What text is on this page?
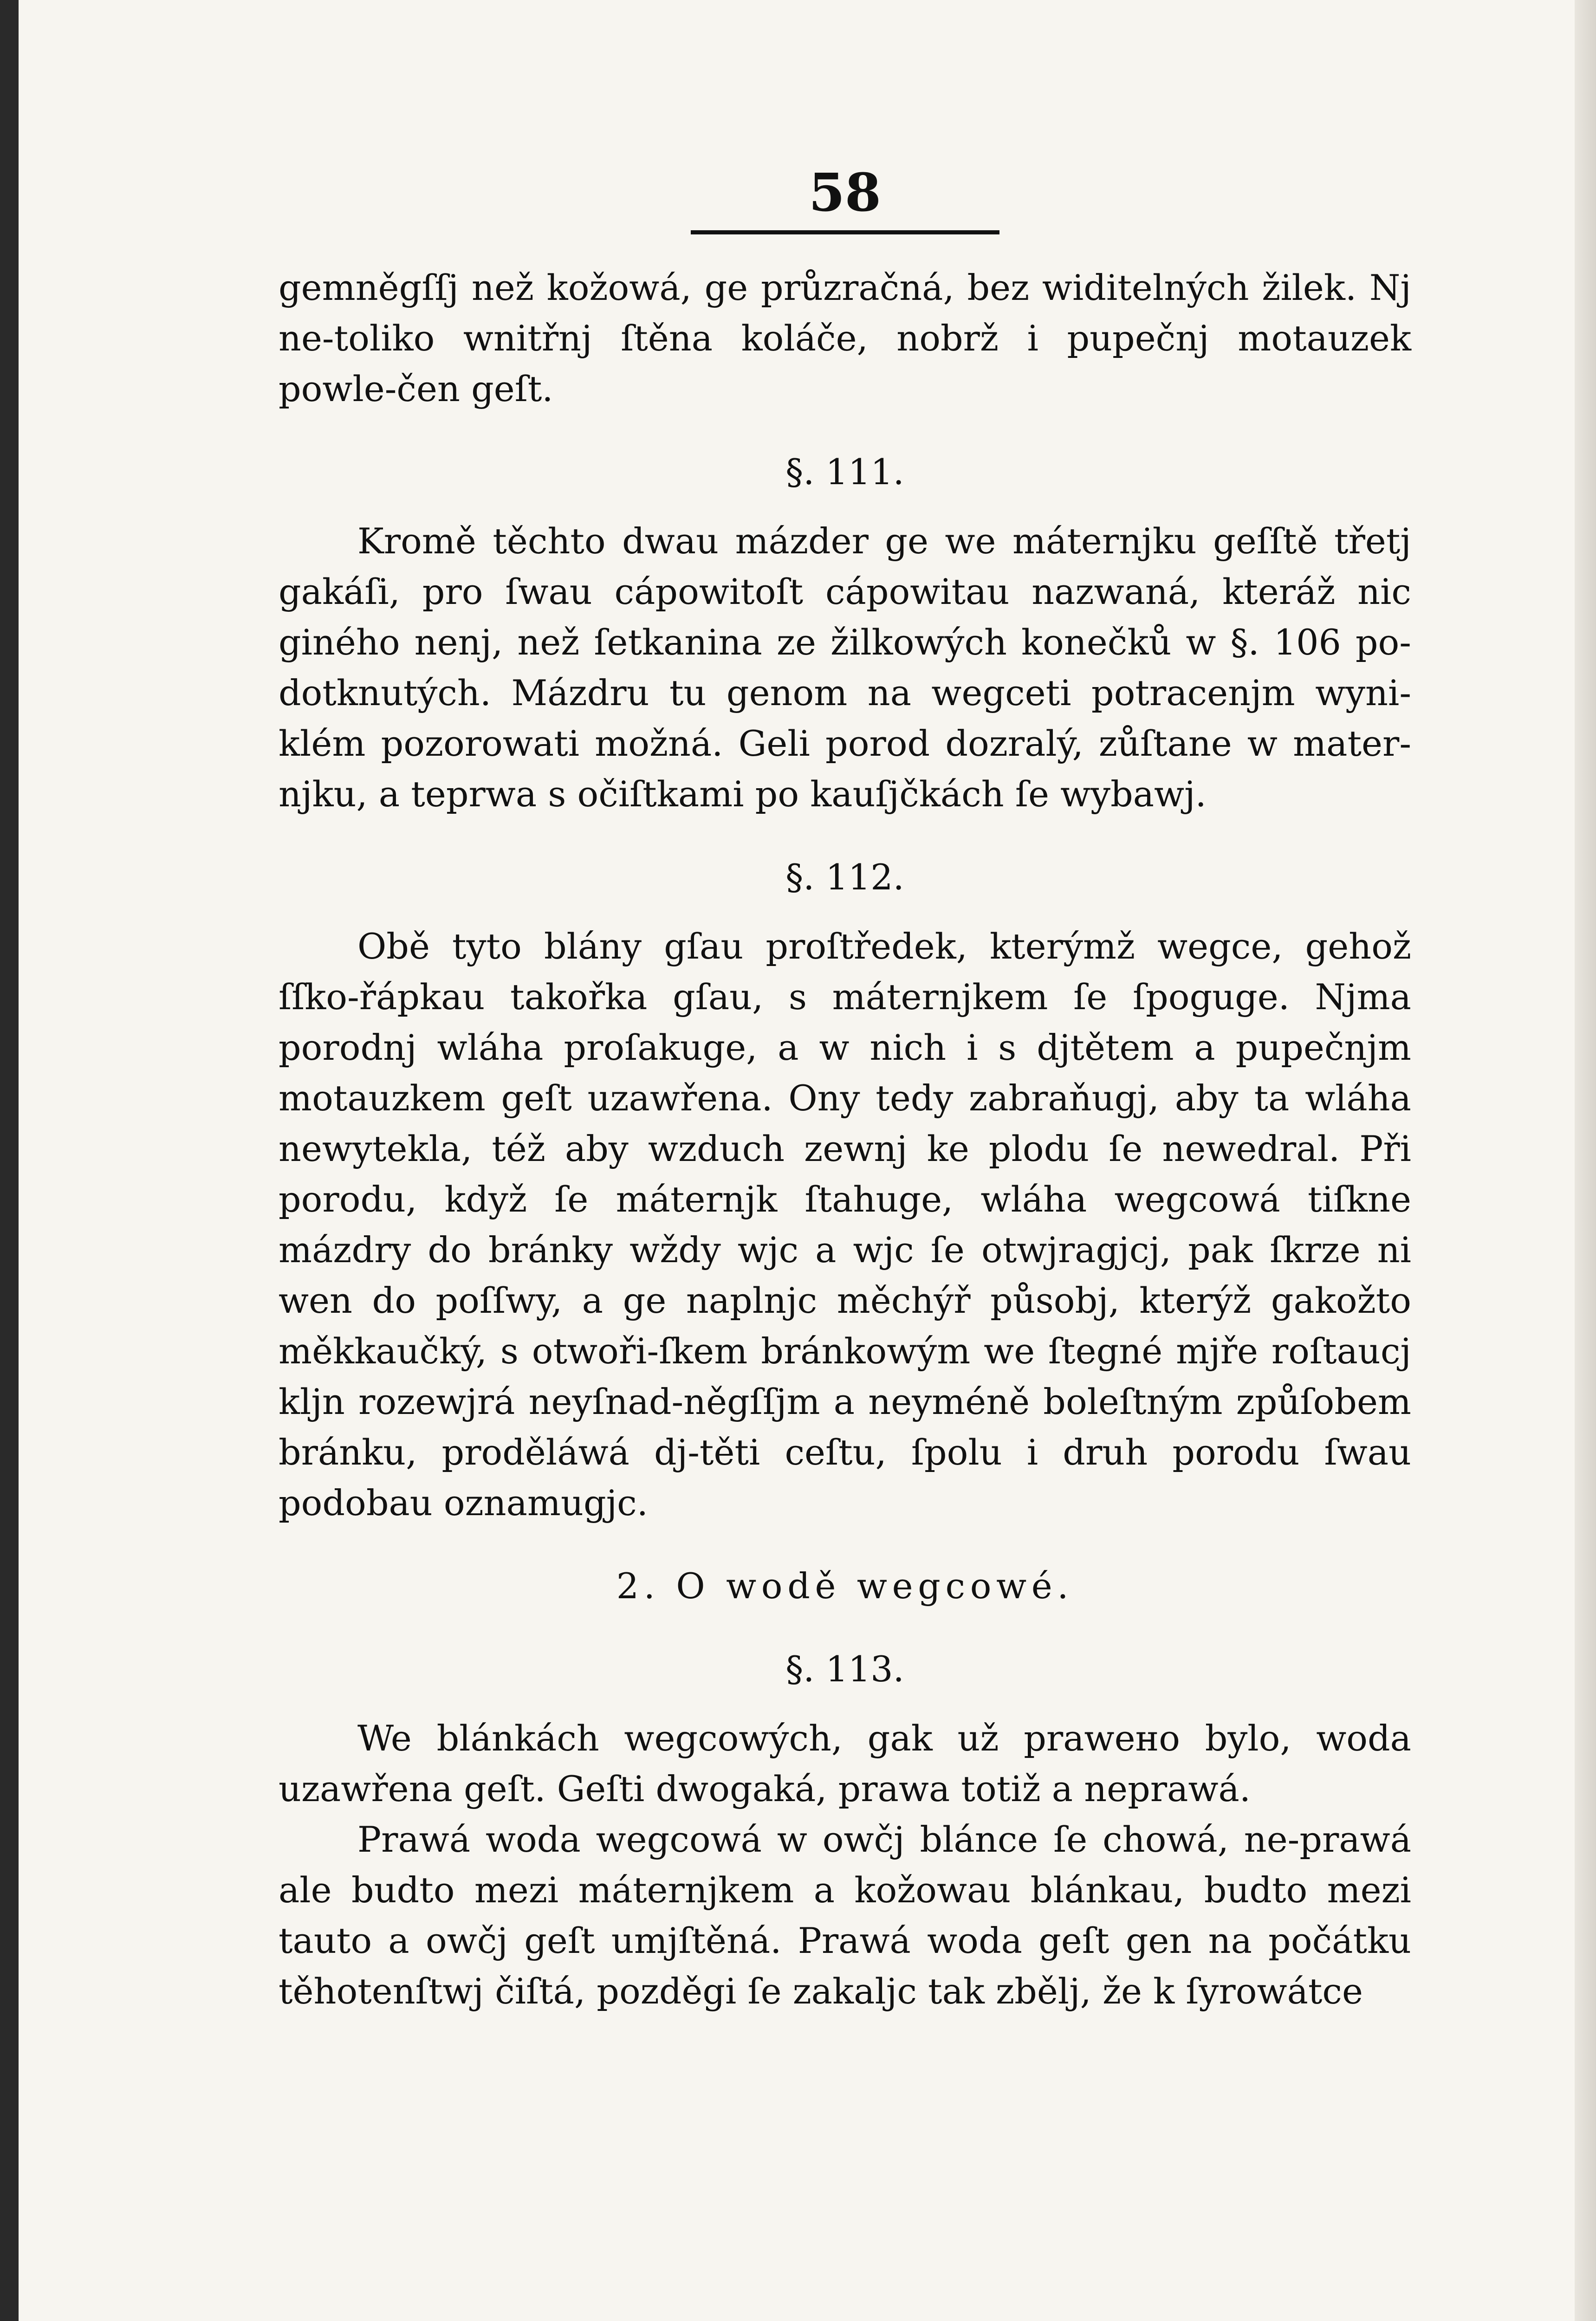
58

gemněgſſj než kožowá, ge průzračná, bez widitelných žilek. Nj ne-toliko wnitřnj ſtěna koláče, nobrž i pupečnj motauzek powle-čen geſt.

§. 111.

Kromě těchto dwau mázder ge we máternjku geſſtě třetj gakáſi, pro ſwau cápowitoſt cápowitau nazwaná, kteráž nic giného nenj, než ſetkanina ze žilkowých konečků w §. 106 po-dotknutých. Mázdru tu genom na wegceti potracenjm wyni-klém pozorowati možná. Geli porod dozralý, zůſtane w mater-njku, a teprwa s očiſtkami po kauſjčkách ſe wybawj.

§. 112.

Obě tyto blány gſau proſtředek, kterýmž wegce, gehož ſſko-řápkau takořka gſau, s máternjkem ſe ſpoguge. Njma porodnj wláha proſakuge, a w nich i s djtětem a pupečnjm motauzkem geſt uzawřena. Ony tedy zabraňugj, aby ta wláha newytekla, též aby wzduch zewnj ke plodu ſe newedral. Při porodu, když ſe máternjk ſtahuge, wláha wegcowá tiſkne mázdry do bránky wždy wjc a wjc ſe otwjragjcj, pak ſkrze ni wen do poſſwy, a ge naplnjc měchýř působj, kterýž gakožto měkkaučký, s otwoři-ſkem bránkowým we ſtegné mjře roſtaucj kljn rozewjrá neyſnad-něgſſjm a neyméně boleſtným způſobem bránku, proděláwá dj-těti ceſtu, ſpolu i druh porodu ſwau podobau oznamugjc.

2. O wodě wegcowé.

§. 113.

We blánkách wegcowých, gak už prawено bylo, woda uzawřena geſt. Geſti dwogaká, prawa totiž a neprawá.

Prawá woda wegcowá w owčj blánce ſe chowá, ne-prawá ale budto mezi máternjkem a kožowau blánkau, budto mezi tauto a owčj geſt umjſtěná. Prawá woda geſt gen na počátku těhotenſtwj čiſtá, pozděgi ſe zakaljc tak zbělj, že k ſyrowátce
